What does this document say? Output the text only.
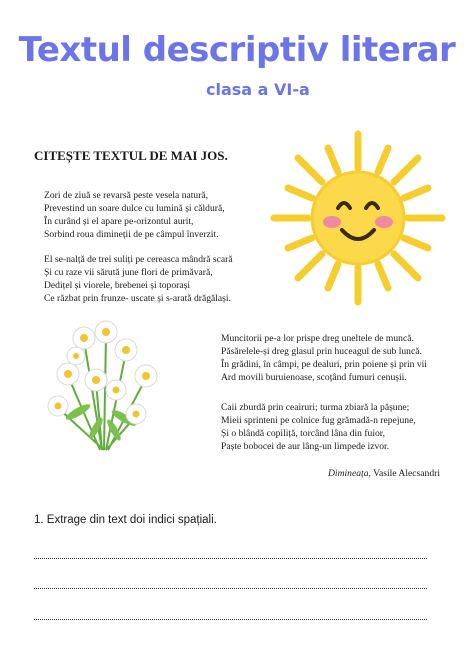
Textul descriptiv literar
clasa a VI-a
CITEȘTE TEXTUL DE MAI JOS.
Zori de ziuă se revarsă peste vesela natură,
Prevestind un soare dulce cu lumină și căldură,
În curând și el apare pe-orizontul aurit,
Sorbind roua dimineții de pe câmpul înverzit.
El se-nalță de trei suliți pe cereasca mândră scară
Și cu raze vii sărută june flori de primăvară,
Dedițel și viorele, brebenei și toporași
Ce răzbat prin frunze- uscate și s-arată drăgălași.
Muncitorii pe-a lor prispe dreg uneltele de muncă.
Păsărelele-și dreg glasul prin huceagul de sub luncă.
În grădini, în câmpi, pe dealuri, prin poiene și prin vii
Ard movili buruienoase, scoțând fumuri cenușii.
Caii zburdă prin ceairuri; turma zbiară la pășune;
Mieii sprinteni pe colnice fug grămadă-n repejune,
Și o blândă copiliță, torcând lâna din fuior,
Paște bobocei de aur lâng-un limpede izvor.
Dimineața, Vasile Alecsandri
1. Extrage din text doi indici spațiali.
